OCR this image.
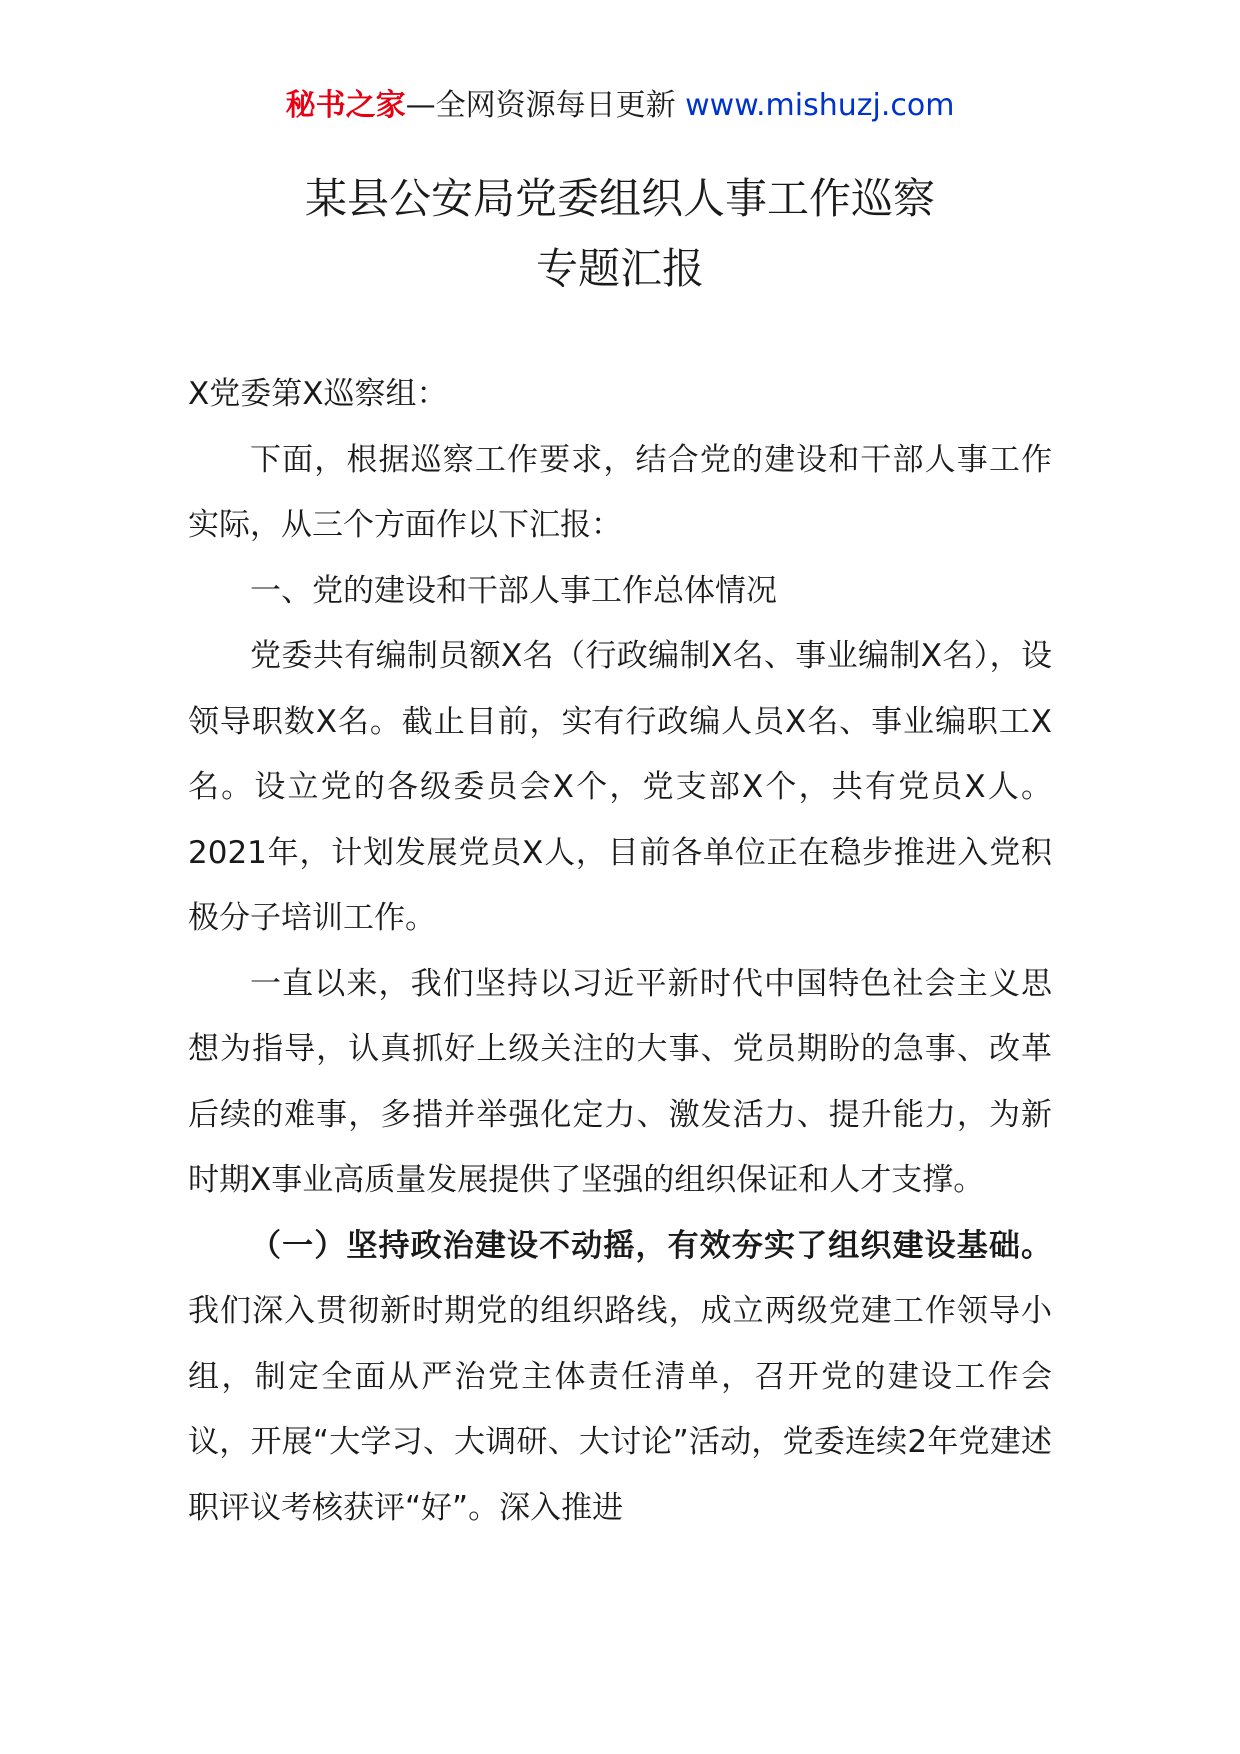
秘书之家—全网资源每日更新 www.mishuzj.com
某县公安局党委组织人事工作巡察
专题汇报

X党委第X巡察组：

下面，根据巡察工作要求，结合党的建设和干部人事工作实际，从三个方面作以下汇报：

一、党的建设和干部人事工作总体情况

党委共有编制员额X名（行政编制X名、事业编制X名），设领导职数X名。截止目前，实有行政编人员X名、事业编职工X名。设立党的各级委员会X个，党支部X个，共有党员X人。2021年，计划发展党员X人，目前各单位正在稳步推进入党积极分子培训工作。

一直以来，我们坚持以习近平新时代中国特色社会主义思想为指导，认真抓好上级关注的大事、党员期盼的急事、改革后续的难事，多措并举强化定力、激发活力、提升能力，为新时期X事业高质量发展提供了坚强的组织保证和人才支撑。

（一）坚持政治建设不动摇，有效夯实了组织建设基础。我们深入贯彻新时期党的组织路线，成立两级党建工作领导小组，制定全面从严治党主体责任清单，召开党的建设工作会议，开展“大学习、大调研、大讨论”活动，党委连续2年党建述职评议考核获评“好”。深入推进
